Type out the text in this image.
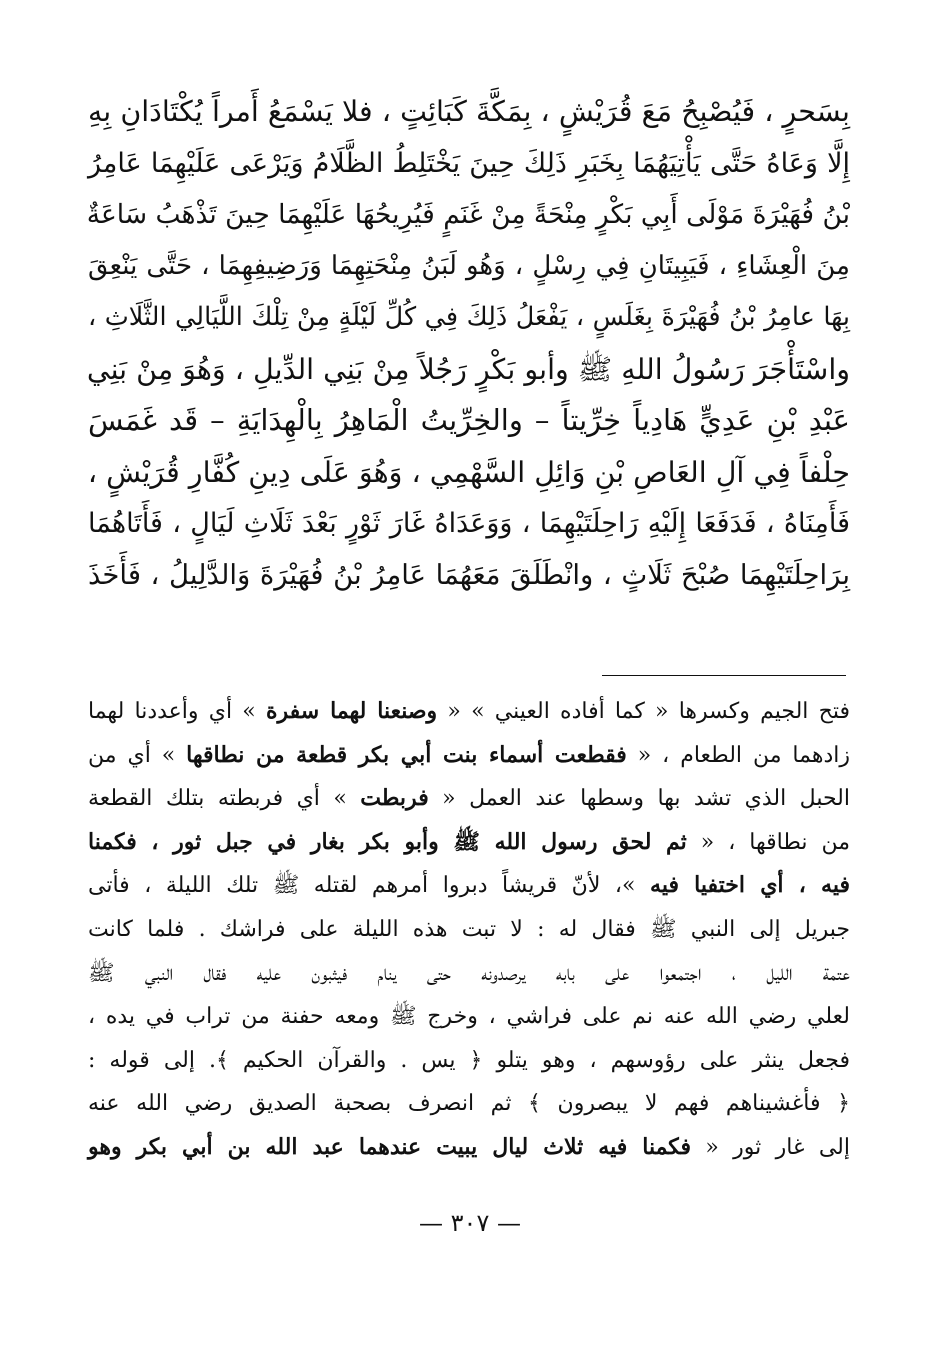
بِسَحرٍ ، فَيُصْبِحُ مَعَ قُرَيْشٍ ، بِمَكَّةَ كَبَائِتٍ ، فلا يَسْمَعُ أَمراً يُكْتَادَانِ بِهِ

إِلَّا وَعَاهُ حَتَّى يَأْتِيَهُمَا بِخَبَرِ ذَلِكَ حِينَ يَخْتَلِطُ الظَّلَامُ وَيَرْعَى عَلَيْهِمَا عَامِرُ

بْنُ فُهَيْرَةَ مَوْلَى أَبِي بَكْرٍ مِنْحَةً مِنْ غَنَمٍ فَيُرِيحُهَا عَلَيْهِمَا حِينَ تَذْهَبُ سَاعَةٌ

مِنَ الْعِشَاءِ ، فَيَبِيتَانِ فِي رِسْلٍ ، وَهُو لَبَنُ مِنْحَتِهِمَا وَرَضِيفِهِمَا ، حَتَّى يَنْعِقَ

بِهَا عامِرُ بْنُ فُهَيْرَةَ بِغَلَسٍ ، يَفْعَلُ ذَلِكَ فِي كُلِّ لَيْلَةٍ مِنْ تِلْكَ اللَّيَالِي الثَّلَاثِ ،

واسْتَأْجَرَ رَسُولُ اللهِ ﷺ وأبو بَكْرٍ رَجُلاً مِنْ بَنِي الدِّيلِ ، وَهُوَ مِنْ بَنِي

عَبْدِ بْنِ عَدِيٍّ هَادِياً خِرِّيتاً – والخِرِّيتُ الْمَاهِرُ بِالْهِدَايَةِ – قَد غَمَسَ

حِلْفاً فِي آلِ العَاصِ بْنِ وَائِلِ السَّهْمِي ، وَهُوَ عَلَى دِينِ كُفَّارِ قُرَيْشٍ ،

فَأَمِنَاهُ ، فَدَفَعَا إِلَيْهِ رَاحِلَتَيْهِمَا ، وَوَعَدَاهُ غَارَ ثَوْرٍ بَعْدَ ثَلَاثِ لَيَالٍ ، فَأَتَاهُمَا

بِرَاحِلَتَيْهِمَا صُبْحَ ثَلَاثٍ ، وانْطَلَقَ مَعَهُمَا عَامِرُ بْنُ فُهَيْرَةَ وَالدَّلِيلُ ، فَأَخَذَ

فتح الجيم وكسرها « كما أفاده العيني » « وصنعنا لهما سفرة » أي وأعددنا لهما

زادهما من الطعام ، « فقطعت أسماء بنت أبي بكر قطعة من نطاقها » أي من

الحبل الذي تشد بها وسطها عند العمل « فربطت » أي فربطته بتلك القطعة

من نطاقها ، « ثم لحق رسول الله ﷺ وأبو بكر بغار في جبل ثور ، فكمنا

فيه ، أي اختفيا فيه »، لأنّ قريشاً دبروا أمرهم لقتله ﷺ تلك الليلة ، فأتى

جبريل إلى النبي ﷺ فقال له : لا تبت هذه الليلة على فراشك . فلما كانت

عتمة الليل ، اجتمعوا على بابه يرصدونه حتى ينام فيثبون عليه فقال النبي ﷺ

لعلي رضي الله عنه نم على فراشي ، وخرج ﷺ ومعه حفنة من تراب في يده ،

فجعل ينثر على رؤوسهم ، وهو يتلو ﴿ يس . والقرآن الحكيم ﴾. إلى قوله :

﴿ فأغشيناهم فهم لا يبصرون ﴾ ثم انصرف بصحبة الصديق رضي الله عنه

إلى غار ثور « فكمنا فيه ثلاث ليال يبيت عندهما عبد الله بن أبي بكر وهو

— ٣٠٧ —
